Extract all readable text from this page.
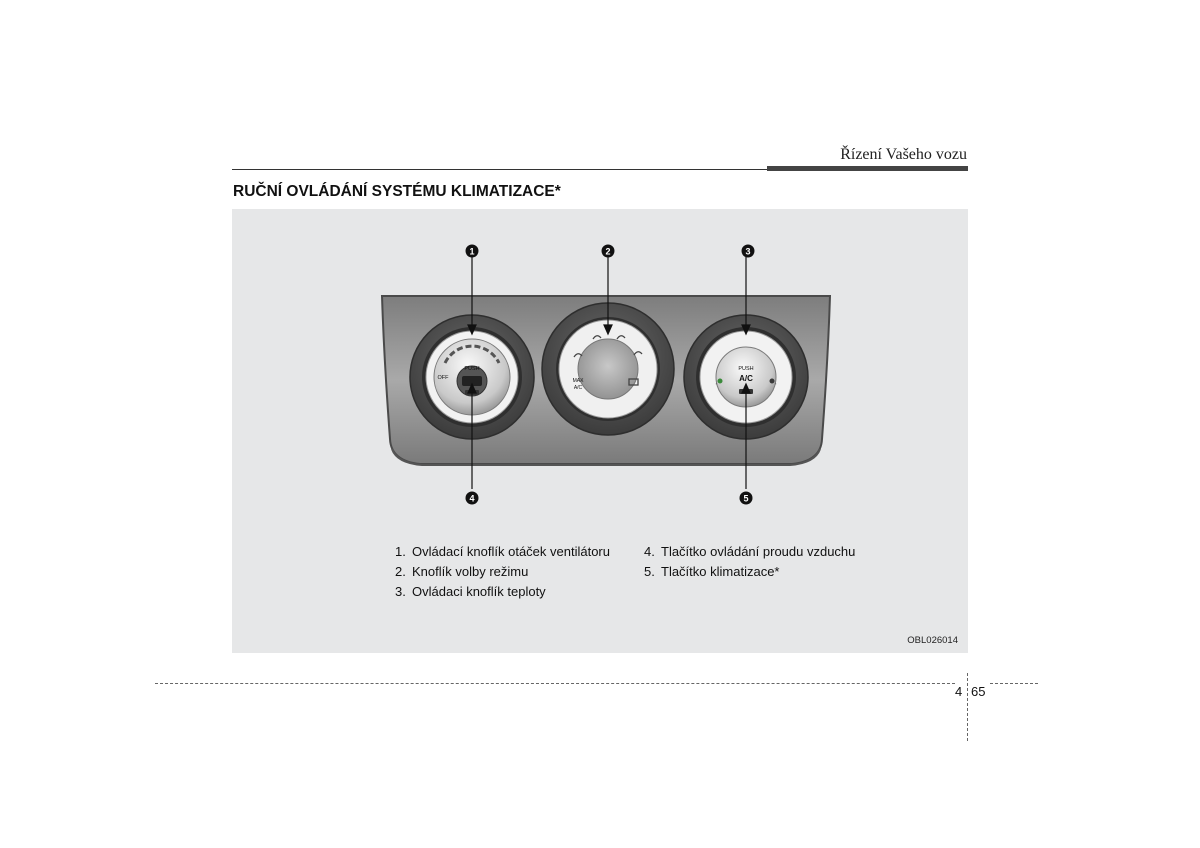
Řízení Vašeho vozu
RUČNÍ OVLÁDÁNÍ SYSTÉMU KLIMATIZACE*
PUSH
OFF	MAX
A/C
PUSH
A/C
1	2	3
4	5
1. Ovládací knoflík otáček ventilátoru
2. Knoflík volby režimu
3. Ovládaci knoflík teploty
4. Tlačítko ovládání proudu vzduchu
5. Tlačítko klimatizace*
OBL026014
4 65
